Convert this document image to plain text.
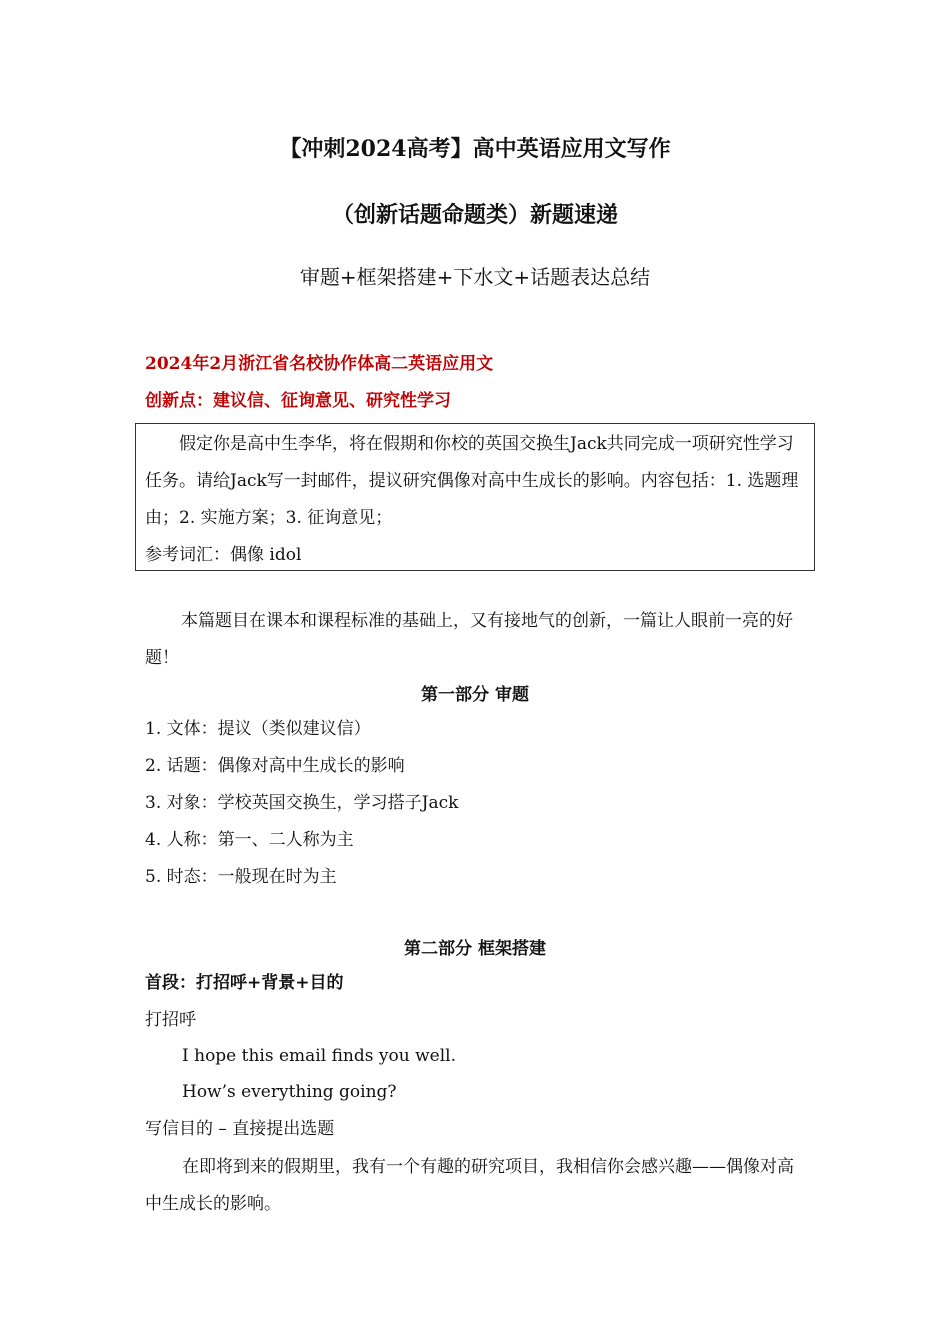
【冲刺2024高考】高中英语应用文写作
（创新话题命题类）新题速递
审题+框架搭建+下水文+话题表达总结
2024年2月浙江省名校协作体高二英语应用文
创新点：建议信、征询意见、研究性学习
假定你是高中生李华，将在假期和你校的英国交换生Jack共同完成一项研究性学习任务。请给Jack写一封邮件，提议研究偶像对高中生成长的影响。内容包括：1. 选题理由；2. 实施方案；3. 征询意见；
参考词汇：偶像 idol
本篇题目在课本和课程标准的基础上，又有接地气的创新，一篇让人眼前一亮的好题！
第一部分 审题
1. 文体：提议（类似建议信）
2. 话题：偶像对高中生成长的影响
3. 对象：学校英国交换生，学习搭子Jack
4. 人称：第一、二人称为主
5. 时态：一般现在时为主
第二部分 框架搭建
首段：打招呼+背景+目的
打招呼
I hope this email finds you well.
How’s everything going?
写信目的 – 直接提出选题
在即将到来的假期里，我有一个有趣的研究项目，我相信你会感兴趣——偶像对高中生成长的影响。
